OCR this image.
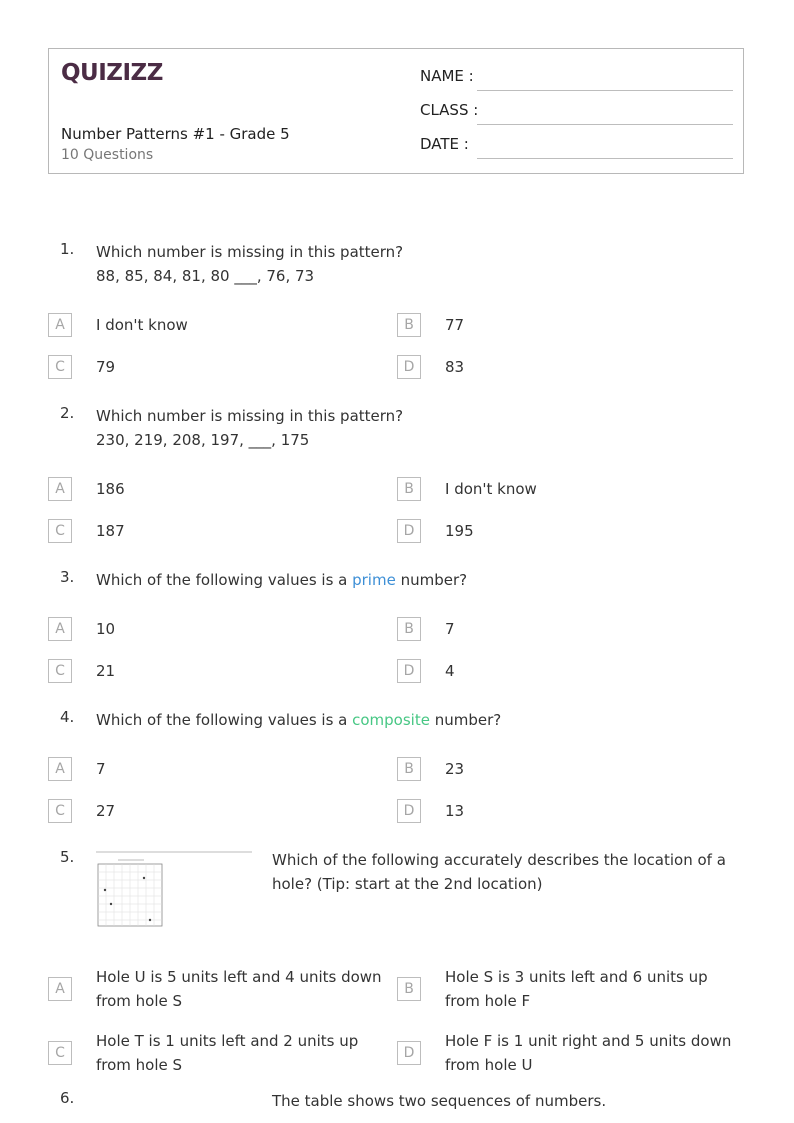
QUIZIZZ
Number Patterns #1 - Grade 5
10 Questions
NAME :
CLASS :
DATE :
1. Which number is missing in this pattern?
88, 85, 84, 81, 80 ___, 76, 73
A	I don't know	B	77
C	79	D	83
2. Which number is missing in this pattern?
230, 219, 208, 197, ___, 175
A	186	B	I don't know
C	187	D	195
3. Which of the following values is a prime number?
A	10	B	7
C	21	D	4
4. Which of the following values is a composite number?
A	7	B	23
C	27	D	13
5.	Which of the following accurately describes the location of a
hole? (Tip: start at the 2nd location)
A
Hole U is 5 units left and 4 units down from hole S
B
Hole S is 3 units left and 6 units up from hole F
C
Hole T is 1 units left and 2 units up from hole S
D
Hole F is 1 unit right and 5 units down from hole U
6.	The table shows two sequences of numbers.
